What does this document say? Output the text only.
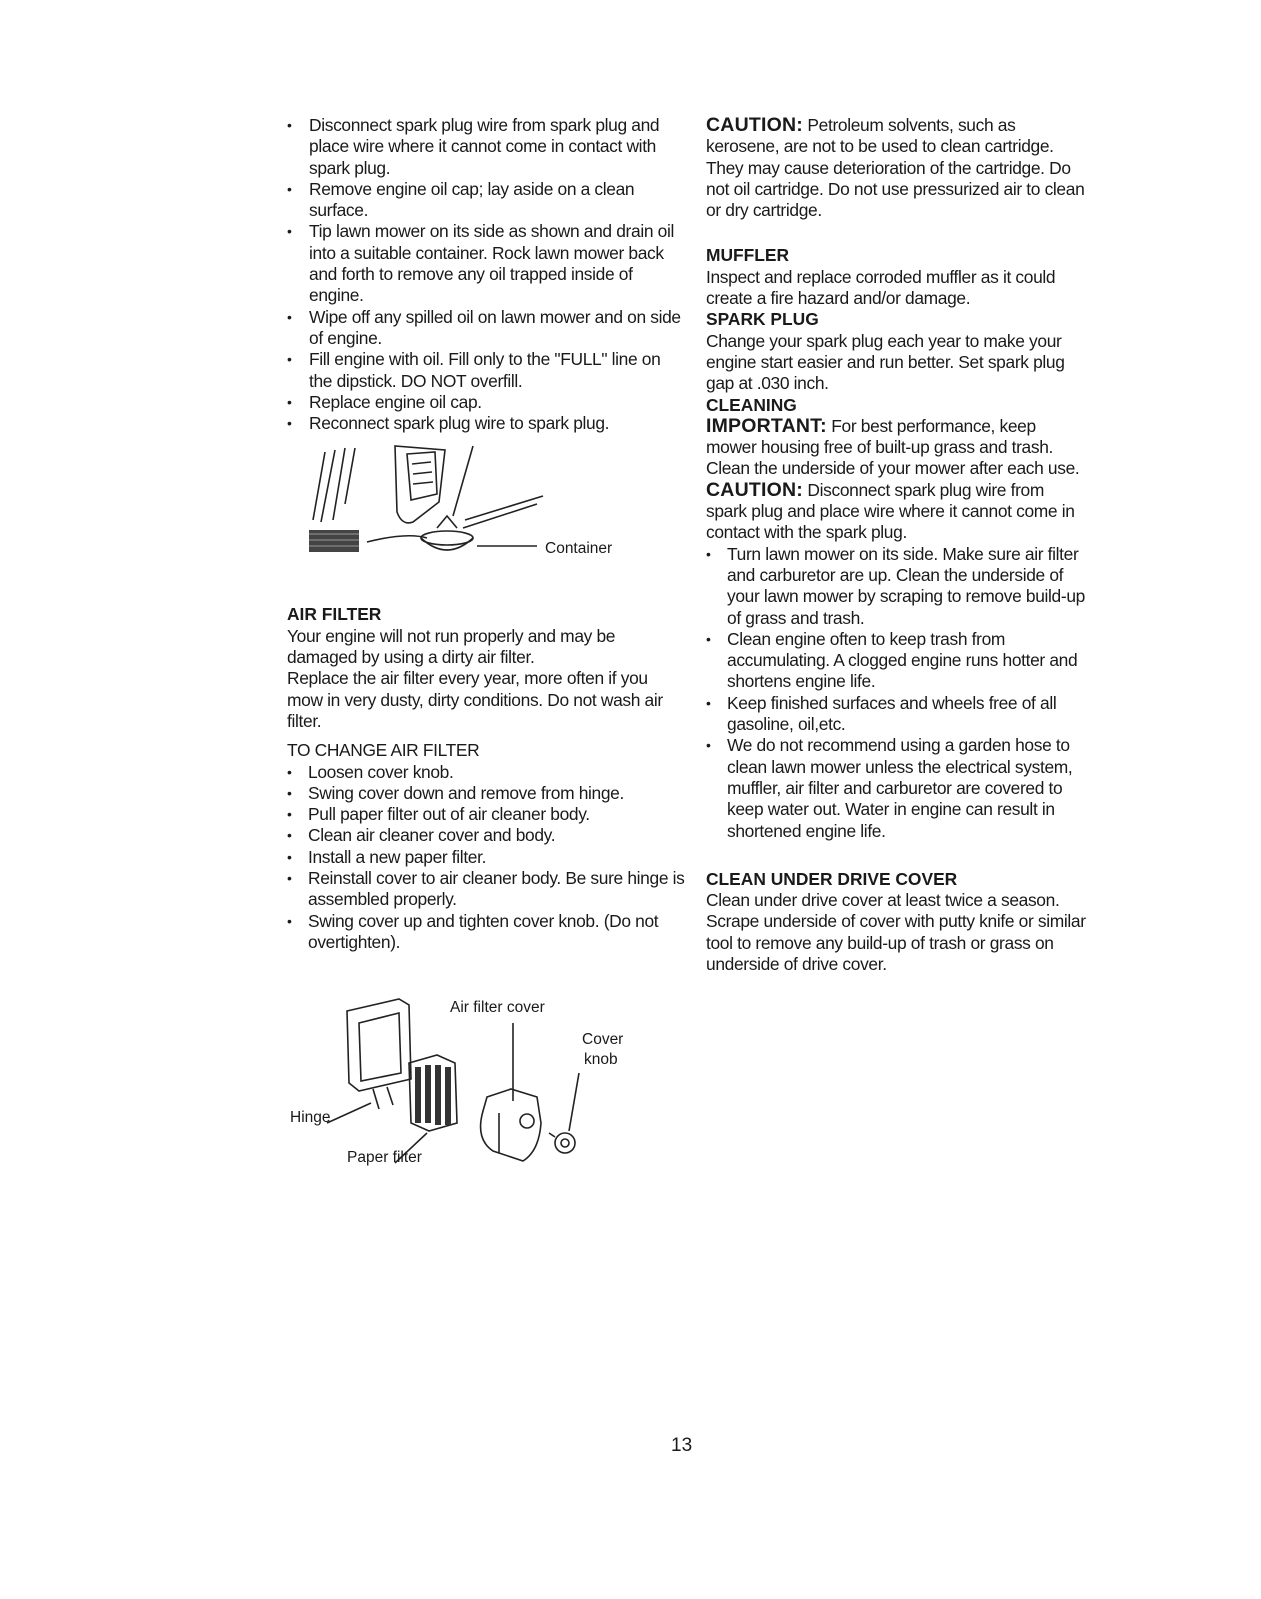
• Disconnect spark plug wire from spark plug and place wire where it cannot come in contact with spark plug.
• Remove engine oil cap; lay aside on a clean surface.
• Tip lawn mower on its side as shown and drain oil into a suitable container. Rock lawn mower back and forth to remove any oil trapped inside of engine.
• Wipe off any spilled oil on lawn mower and on side of engine.
• Fill engine with oil. Fill only to the "FULL" line on the dipstick. DO NOT overfill.
• Replace engine oil cap.
• Reconnect spark plug wire to spark plug.
Container

AIR FILTER

Your engine will not run properly and may be damaged by using a dirty air filter.

Replace the air filter every year, more often if you mow in very dusty, dirty conditions. Do not wash air filter.

TO CHANGE AIR FILTER

• Loosen cover knob.
• Swing cover down and remove from hinge.
• Pull paper filter out of air cleaner body.
• Clean air cleaner cover and body.
• Install a new paper filter.
• Reinstall cover to air cleaner body. Be sure hinge is assembled properly.
• Swing cover up and tighten cover knob. (Do not overtighten).
Air filter cover
Cover
knob
Hinge
Paper filter

CAUTION: Petroleum solvents, such as kerosene, are not to be used to clean cartridge. They may cause deterioration of the cartridge. Do not oil cartridge. Do not use pressurized air to clean or dry cartridge.

MUFFLER

Inspect and replace corroded muffler as it could create a fire hazard and/or damage.

SPARK PLUG

Change your spark plug each year to make your engine start easier and run better. Set spark plug gap at .030 inch.

CLEANING

IMPORTANT: For best performance, keep mower housing free of built-up grass and trash. Clean the underside of your mower after each use.

CAUTION: Disconnect spark plug wire from spark plug and place wire where it cannot come in contact with the spark plug.

• Turn lawn mower on its side. Make sure air filter and carburetor are up. Clean the underside of your lawn mower by scraping to remove build-up of grass and trash.
• Clean engine often to keep trash from accumulating. A clogged engine runs hotter and shortens engine life.
• Keep finished surfaces and wheels free of all gasoline, oil,etc.
• We do not recommend using a garden hose to clean lawn mower unless the electrical system, muffler, air filter and carburetor are covered to keep water out. Water in engine can result in shortened engine life.

CLEAN UNDER DRIVE COVER

Clean under drive cover at least twice a season. Scrape underside of cover with putty knife or similar tool to remove any build-up of trash or grass on underside of drive cover.

13
